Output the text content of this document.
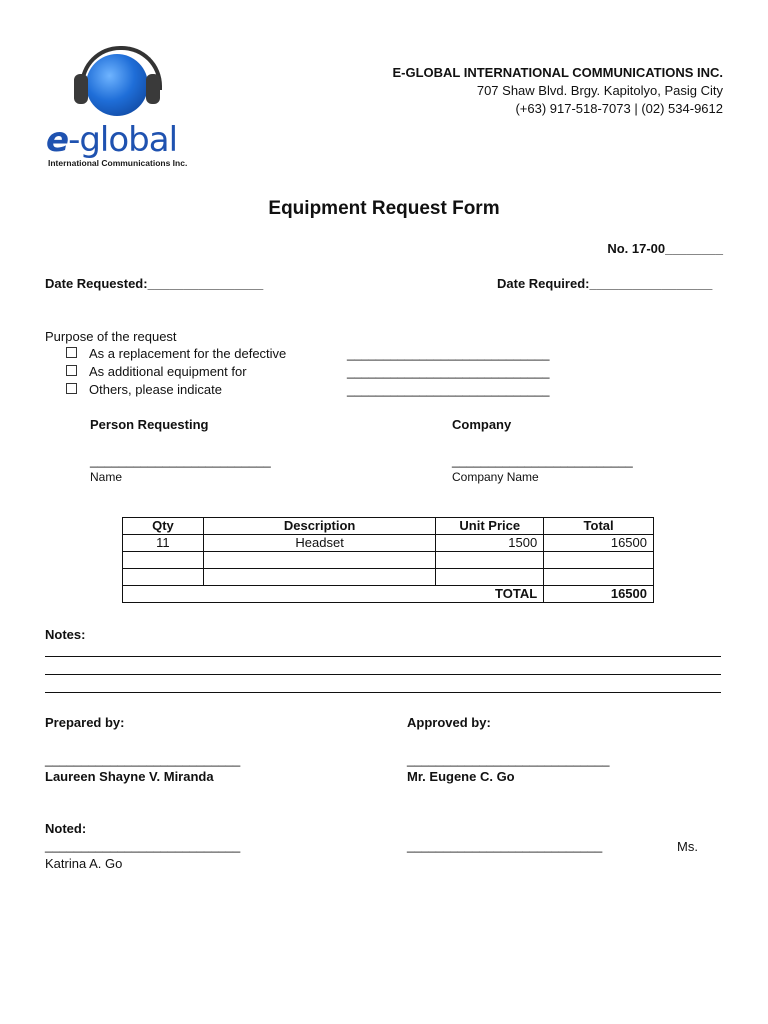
e-global
International Communications Inc.
E-GLOBAL INTERNATIONAL COMMUNICATIONS INC.
707 Shaw Blvd. Brgy. Kapitolyo, Pasig City
(+63) 917-518-7073 | (02) 534-9612
Equipment Request Form
No. 17-00________
Date Requested:________________	Date Required:_________________
Purpose of the request
As a replacement for the defective	____________________________
As additional equipment for	____________________________
Others, please indicate	____________________________
Person Requesting	Company
_________________________	_________________________
Name	Company Name
Qty	Description	Unit Price	Total
11	Headset	1500	16500

TOTAL			16500
Notes:
Prepared by:	Approved by:
___________________________	____________________________
Laureen Shayne V. Miranda	Mr. Eugene C. Go
Noted:
___________________________	___________________________	Ms.
Katrina A. Go
